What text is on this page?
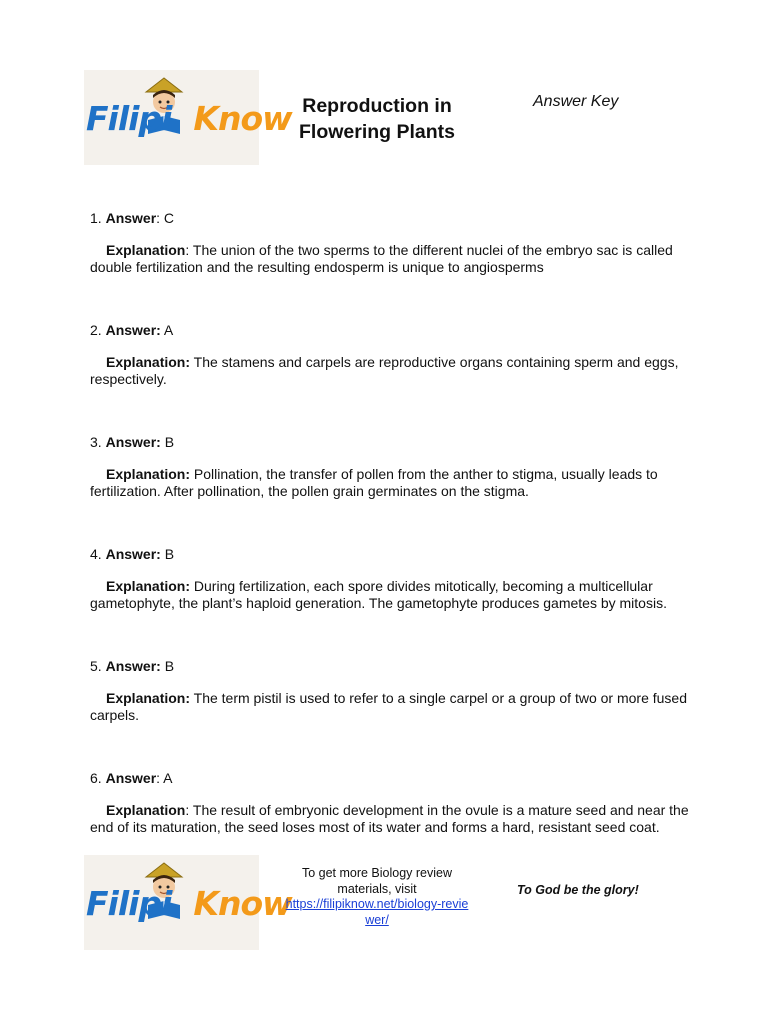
Filipi Know Reproduction in
Flowering Plants
Answer Key

1. Answer: C

Explanation: The union of the two sperms to the different nuclei of the embryo sac is called double fertilization and the resulting endosperm is unique to angiosperms

2. Answer: A

Explanation: The stamens and carpels are reproductive organs containing sperm and eggs, respectively.

3. Answer: B

Explanation: Pollination, the transfer of pollen from the anther to stigma, usually leads to fertilization. After pollination, the pollen grain germinates on the stigma.

4. Answer: B

Explanation: During fertilization, each spore divides mitotically, becoming a multicellular gametophyte, the plant’s haploid generation. The gametophyte produces gametes by mitosis.

5. Answer: B

Explanation: The term pistil is used to refer to a single carpel or a group of two or more fused carpels.

6. Answer: A

Explanation: The result of embryonic development in the ovule is a mature seed and near the end of its maturation, the seed loses most of its water and forms a hard, resistant seed coat.

Filipi Know
To get more Biology review materials, visit
https://filipiknow.net/biology-reviewer/
To God be the glory!
